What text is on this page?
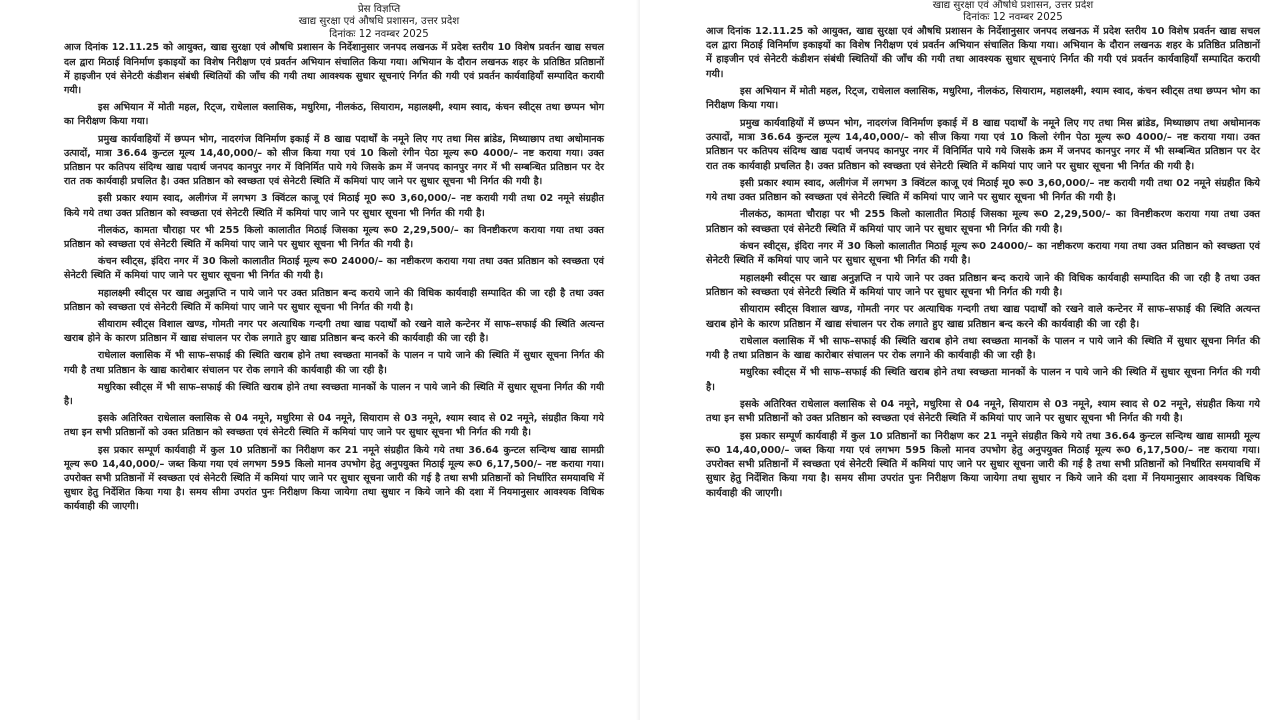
प्रेस विज्ञप्ति
खाद्य सुरक्षा एवं औषधि प्रशासन, उत्तर प्रदेश
दिनांकः 12 नवम्बर 2025

आज दिनांक 12.11.25 को आयुक्त, खाद्य सुरक्षा एवं औषधि प्रशासन के निर्देशानुसार जनपद लखनऊ में प्रदेश स्तरीय 10 विशेष प्रवर्तन खाद्य सचल दल द्वारा मिठाई विनिर्माण इकाइयों का विशेष निरीक्षण एवं प्रवर्तन अभियान संचालित किया गया। अभियान के दौरान लखनऊ शहर के प्रतिष्ठित प्रतिष्ठानों में हाइजीन एवं सेनेटरी कंडीशन संबंधी स्थितियों की जाँच की गयी तथा आवश्यक सुधार सूचनाएं निर्गत की गयी एवं प्रवर्तन कार्यवाहियाँ सम्पादित करायी गयी।

इस अभियान में मोती महल, रिट्ज, राधेलाल क्लासिक, मधुरिमा, नीलकंठ, सियाराम, महालक्ष्मी, श्याम स्वाद, कंचन स्वीट्स तथा छप्पन भोग का निरीक्षण किया गया।

प्रमुख कार्यवाहियों में छप्पन भोग, नादरगंज विनिर्माण इकाई में 8 खाद्य पदार्थों के नमूने लिए गए तथा मिस ब्रांडेड, मिथ्याछाप तथा अधोमानक उत्पादों, मात्रा 36.64 कुन्टल मूल्य 14,40,000/– को सीज किया गया एवं 10 किलो रंगीन पेठा मूल्य रू0 4000/– नष्ट कराया गया। उक्त प्रतिष्ठान पर कतिपय संदिग्ध खाद्य पदार्थ जनपद कानपुर नगर में विनिर्मित पाये गये जिसके क्रम में जनपद कानपुर नगर में भी सम्बन्धित प्रतिष्ठान पर देर रात तक कार्यवाही प्रचलित है। उक्त प्रतिष्ठान को स्वच्छता एवं सेनेटरी स्थिति में कमियां पाए जाने पर सुधार सूचना भी निर्गत की गयी है।

इसी प्रकार श्याम स्वाद, अलीगंज में लगभग 3 क्विंटल काजू एवं मिठाई मू0 रू0 3,60,000/– नष्ट करायी गयी तथा 02 नमूने संग्रहीत किये गये तथा उक्त प्रतिष्ठान को स्वच्छता एवं सेनेटरी स्थिति में कमियां पाए जाने पर सुधार सूचना भी निर्गत की गयी है।

नीलकंठ, कामता चौराहा पर भी 255 किलो कालातीत मिठाई जिसका मूल्य रू0 2,29,500/– का विनष्टीकरण कराया गया तथा उक्त प्रतिष्ठान को स्वच्छता एवं सेनेटरी स्थिति में कमियां पाए जाने पर सुधार सूचना भी निर्गत की गयी है।

कंचन स्वीट्स, इंदिरा नगर में 30 किलो कालातीत मिठाई मूल्य रू0 24000/– का नष्टीकरण कराया गया तथा उक्त प्रतिष्ठान को स्वच्छता एवं सेनेटरी स्थिति में कमियां पाए जाने पर सुधार सूचना भी निर्गत की गयी है।

महालक्ष्मी स्वीट्स पर खाद्य अनुज्ञप्ति न पाये जाने पर उक्त प्रतिष्ठान बन्द कराये जाने की विधिक कार्यवाही सम्पादित की जा रही है तथा उक्त प्रतिष्ठान को स्वच्छता एवं सेनेटरी स्थिति में कमियां पाए जाने पर सुधार सूचना भी निर्गत की गयी है।

सीयाराम स्वीट्स विशाल खण्ड, गोमती नगर पर अत्याधिक गन्दगी तथा खाद्य पदार्थों को रखने वाले कन्टेनर में साफ–सफाई की स्थिति अत्यन्त खराब होने के कारण प्रतिष्ठान में खाद्य संचालन पर रोक लगाते हुए खाद्य प्रतिष्ठान बन्द करने की कार्यवाही की जा रही है।

राधेलाल क्लासिक में भी साफ–सफाई की स्थिति खराब होने तथा स्वच्छता मानकों के पालन न पाये जाने की स्थिति में सुधार सूचना निर्गत की गयी है तथा प्रतिष्ठान के खाद्य कारोबार संचालन पर रोक लगाने की कार्यवाही की जा रही है।

मधुरिका स्वीट्स में भी साफ–सफाई की स्थिति खराब होने तथा स्वच्छता मानकों के पालन न पाये जाने की स्थिति में सुधार सूचना निर्गत की गयी है।

इसके अतिरिक्त राधेलाल क्लासिक से 04 नमूने, मधुरिमा से 04 नमूने, सियाराम से 03 नमूने, श्याम स्वाद से 02 नमूने, संग्रहीत किया गये तथा इन सभी प्रतिष्ठानों को उक्त प्रतिष्ठान को स्वच्छता एवं सेनेटरी स्थिति में कमियां पाए जाने पर सुधार सूचना भी निर्गत की गयी है।

इस प्रकार सम्पूर्ण कार्यवाही में कुल 10 प्रतिष्ठानों का निरीक्षण कर 21 नमूने संग्रहीत किये गये तथा 36.64 कुन्टल सन्दिग्ध खाद्य सामग्री मूल्य रू0 14,40,000/– जब्त किया गया एवं लगभग 595 किलो मानव उपभोग हेतु अनुपयुक्त मिठाई मूल्य रू0 6,17,500/– नष्ट कराया गया। उपरोक्त सभी प्रतिष्ठानों में स्वच्छता एवं सेनेटरी स्थिति में कमियां पाए जाने पर सुधार सूचना जारी की गई है तथा सभी प्रतिष्ठानों को निर्धारित समयावधि में सुधार हेतु निर्देशित किया गया है। समय सीमा उपरांत पुनः निरीक्षण किया जायेगा तथा सुधार न किये जाने की दशा में नियमानुसार आवश्यक विधिक कार्यवाही की जाएगी।

खाद्य सुरक्षा एवं औषधि प्रशासन, उत्तर प्रदेश
दिनांकः 12 नवम्बर 2025

आज दिनांक 12.11.25 को आयुक्त, खाद्य सुरक्षा एवं औषधि प्रशासन के निर्देशानुसार जनपद लखनऊ में प्रदेश स्तरीय 10 विशेष प्रवर्तन खाद्य सचल दल द्वारा मिठाई विनिर्माण इकाइयों का विशेष निरीक्षण एवं प्रवर्तन अभियान संचालित किया गया। अभियान के दौरान लखनऊ शहर के प्रतिष्ठित प्रतिष्ठानों में हाइजीन एवं सेनेटरी कंडीशन संबंधी स्थितियों की जाँच की गयी तथा आवश्यक सुधार सूचनाएं निर्गत की गयी एवं प्रवर्तन कार्यवाहियाँ सम्पादित करायी गयी।

इस अभियान में मोती महल, रिट्ज, राधेलाल क्लासिक, मधुरिमा, नीलकंठ, सियाराम, महालक्ष्मी, श्याम स्वाद, कंचन स्वीट्स तथा छप्पन भोग का निरीक्षण किया गया।

प्रमुख कार्यवाहियों में छप्पन भोग, नादरगंज विनिर्माण इकाई में 8 खाद्य पदार्थों के नमूने लिए गए तथा मिस ब्रांडेड, मिथ्याछाप तथा अधोमानक उत्पादों, मात्रा 36.64 कुन्टल मूल्य 14,40,000/– को सीज किया गया एवं 10 किलो रंगीन पेठा मूल्य रू0 4000/– नष्ट कराया गया। उक्त प्रतिष्ठान पर कतिपय संदिग्ध खाद्य पदार्थ जनपद कानपुर नगर में विनिर्मित पाये गये जिसके क्रम में जनपद कानपुर नगर में भी सम्बन्धित प्रतिष्ठान पर देर रात तक कार्यवाही प्रचलित है। उक्त प्रतिष्ठान को स्वच्छता एवं सेनेटरी स्थिति में कमियां पाए जाने पर सुधार सूचना भी निर्गत की गयी है।

इसी प्रकार श्याम स्वाद, अलीगंज में लगभग 3 क्विंटल काजू एवं मिठाई मू0 रू0 3,60,000/– नष्ट करायी गयी तथा 02 नमूने संग्रहीत किये गये तथा उक्त प्रतिष्ठान को स्वच्छता एवं सेनेटरी स्थिति में कमियां पाए जाने पर सुधार सूचना भी निर्गत की गयी है।

नीलकंठ, कामता चौराहा पर भी 255 किलो कालातीत मिठाई जिसका मूल्य रू0 2,29,500/– का विनष्टीकरण कराया गया तथा उक्त प्रतिष्ठान को स्वच्छता एवं सेनेटरी स्थिति में कमियां पाए जाने पर सुधार सूचना भी निर्गत की गयी है।

कंचन स्वीट्स, इंदिरा नगर में 30 किलो कालातीत मिठाई मूल्य रू0 24000/– का नष्टीकरण कराया गया तथा उक्त प्रतिष्ठान को स्वच्छता एवं सेनेटरी स्थिति में कमियां पाए जाने पर सुधार सूचना भी निर्गत की गयी है।

महालक्ष्मी स्वीट्स पर खाद्य अनुज्ञप्ति न पाये जाने पर उक्त प्रतिष्ठान बन्द कराये जाने की विधिक कार्यवाही सम्पादित की जा रही है तथा उक्त प्रतिष्ठान को स्वच्छता एवं सेनेटरी स्थिति में कमियां पाए जाने पर सुधार सूचना भी निर्गत की गयी है।

सीयाराम स्वीट्स विशाल खण्ड, गोमती नगर पर अत्याधिक गन्दगी तथा खाद्य पदार्थों को रखने वाले कन्टेनर में साफ–सफाई की स्थिति अत्यन्त खराब होने के कारण प्रतिष्ठान में खाद्य संचालन पर रोक लगाते हुए खाद्य प्रतिष्ठान बन्द करने की कार्यवाही की जा रही है।

राधेलाल क्लासिक में भी साफ–सफाई की स्थिति खराब होने तथा स्वच्छता मानकों के पालन न पाये जाने की स्थिति में सुधार सूचना निर्गत की गयी है तथा प्रतिष्ठान के खाद्य कारोबार संचालन पर रोक लगाने की कार्यवाही की जा रही है।

मधुरिका स्वीट्स में भी साफ–सफाई की स्थिति खराब होने तथा स्वच्छता मानकों के पालन न पाये जाने की स्थिति में सुधार सूचना निर्गत की गयी है।

इसके अतिरिक्त राधेलाल क्लासिक से 04 नमूने, मधुरिमा से 04 नमूने, सियाराम से 03 नमूने, श्याम स्वाद से 02 नमूने, संग्रहीत किया गये तथा इन सभी प्रतिष्ठानों को उक्त प्रतिष्ठान को स्वच्छता एवं सेनेटरी स्थिति में कमियां पाए जाने पर सुधार सूचना भी निर्गत की गयी है।

इस प्रकार सम्पूर्ण कार्यवाही में कुल 10 प्रतिष्ठानों का निरीक्षण कर 21 नमूने संग्रहीत किये गये तथा 36.64 कुन्टल सन्दिग्ध खाद्य सामग्री मूल्य रू0 14,40,000/– जब्त किया गया एवं लगभग 595 किलो मानव उपभोग हेतु अनुपयुक्त मिठाई मूल्य रू0 6,17,500/– नष्ट कराया गया। उपरोक्त सभी प्रतिष्ठानों में स्वच्छता एवं सेनेटरी स्थिति में कमियां पाए जाने पर सुधार सूचना जारी की गई है तथा सभी प्रतिष्ठानों को निर्धारित समयावधि में सुधार हेतु निर्देशित किया गया है। समय सीमा उपरांत पुनः निरीक्षण किया जायेगा तथा सुधार न किये जाने की दशा में नियमानुसार आवश्यक विधिक कार्यवाही की जाएगी।
